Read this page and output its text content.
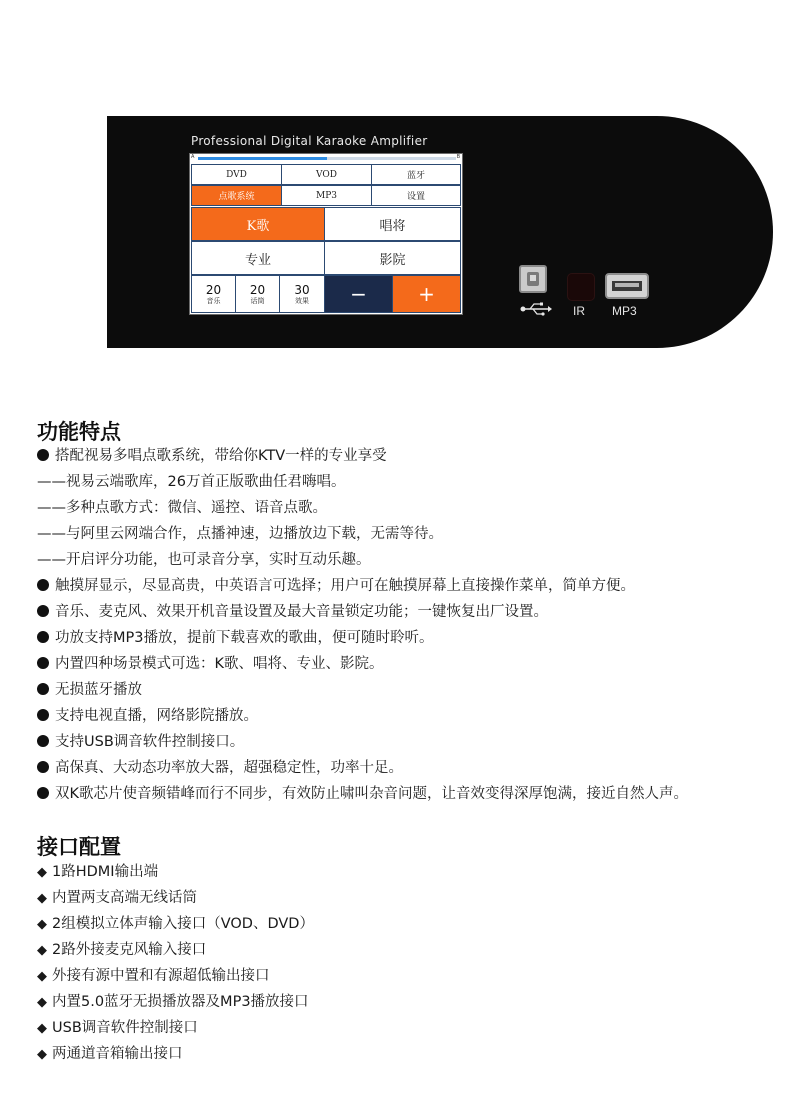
Professional Digital Karaoke Amplifier
A	B
DVD	VOD	蓝牙
点歌系统	MP3	设置
K歌	唱将
专业	影院
20
音乐
20
话筒
30
效果	−	+
IR MP3
功能特点
搭配视易多唱点歌系统，带给你KTV一样的专业享受
——视易云端歌库，26万首正版歌曲任君嗨唱。
——多种点歌方式：微信、遥控、语音点歌。
——与阿里云网端合作，点播神速，边播放边下载，无需等待。
——开启评分功能，也可录音分享，实时互动乐趣。
触摸屏显示，尽显高贵，中英语言可选择；用户可在触摸屏幕上直接操作菜单，简单方便。
音乐、麦克风、效果开机音量设置及最大音量锁定功能；一键恢复出厂设置。
功放支持MP3播放，提前下载喜欢的歌曲，便可随时聆听。
内置四种场景模式可选：K歌、唱将、专业、影院。
无损蓝牙播放
支持电视直播，网络影院播放。
支持USB调音软件控制接口。
高保真、大动态功率放大器，超强稳定性，功率十足。
双K歌芯片使音频错峰而行不同步，有效防止啸叫杂音问题，让音效变得深厚饱满，接近自然人声。
接口配置
◆ 1路HDMI输出端
◆ 内置两支高端无线话筒
◆ 2组模拟立体声输入接口（VOD、DVD）
◆ 2路外接麦克风输入接口
◆ 外接有源中置和有源超低输出接口
◆ 内置5.0蓝牙无损播放器及MP3播放接口
◆ USB调音软件控制接口
◆ 两通道音箱输出接口
